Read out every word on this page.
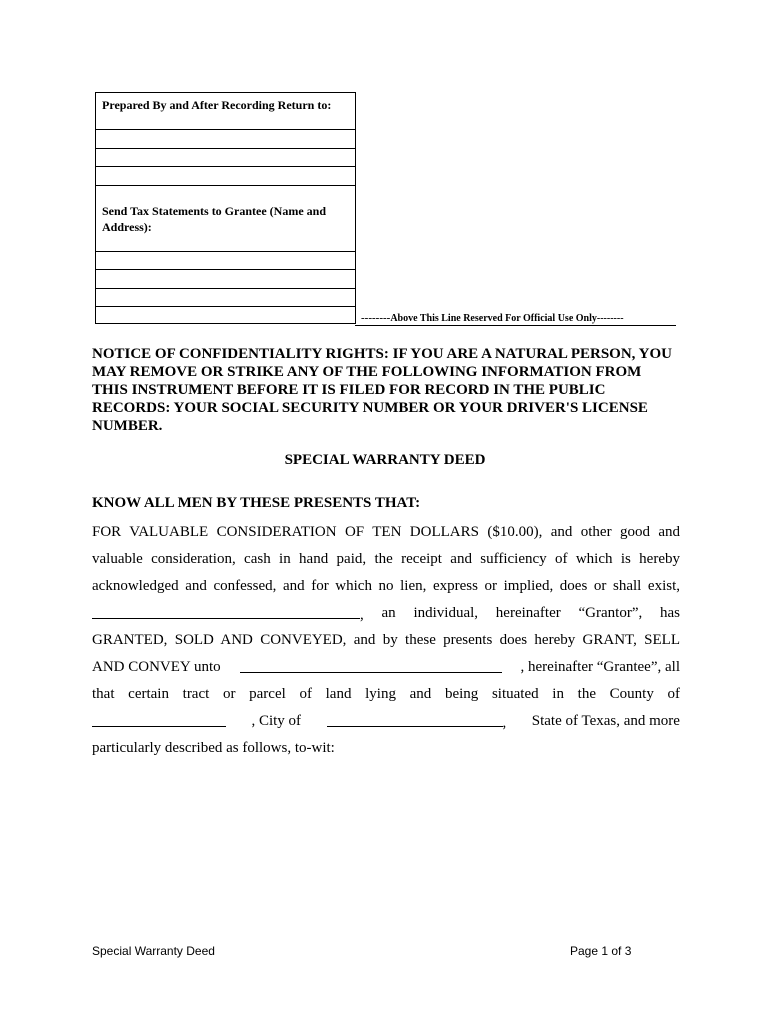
Prepared By and After Recording Return to:
Send Tax Statements to Grantee (Name and Address):
--------Above This Line Reserved For Official Use Only--------
NOTICE OF CONFIDENTIALITY RIGHTS: IF YOU ARE A NATURAL PERSON, YOU MAY REMOVE OR STRIKE ANY OF THE FOLLOWING INFORMATION FROM THIS INSTRUMENT BEFORE IT IS FILED FOR RECORD IN THE PUBLIC RECORDS: YOUR SOCIAL SECURITY NUMBER OR YOUR DRIVER'S LICENSE NUMBER.
SPECIAL WARRANTY DEED
KNOW ALL MEN BY THESE PRESENTS THAT:
FOR VALUABLE CONSIDERATION OF TEN DOLLARS ($10.00), and other good and
valuable consideration, cash in hand paid, the receipt and sufficiency of which is hereby
acknowledged and confessed, and for which no lien, express or implied, does or shall exist,
, an individual, hereinafter “Grantor”, has
GRANTED, SOLD AND CONVEYED, and by these presents does hereby GRANT, SELL
AND CONVEY unto	, hereinafter “Grantee”, all
that certain tract or parcel of land lying and being situated in the County of
, City of	, State of Texas, and more
particularly described as follows, to-wit:
Special Warranty Deed	Page 1 of 3
